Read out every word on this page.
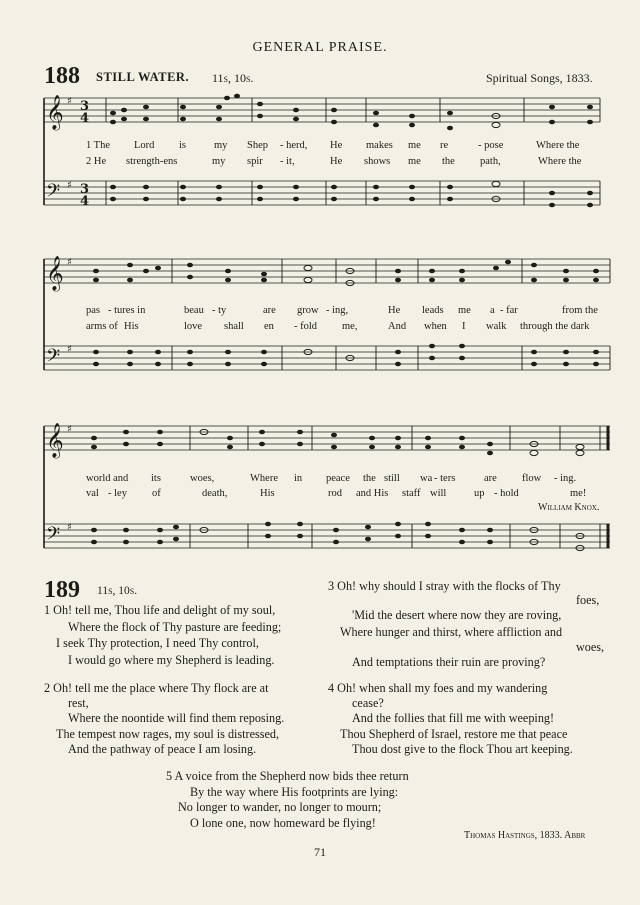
GENERAL PRAISE.
188 STILL WATER. 11s, 10s.	Spiritual Songs, 1833.
𝄞
𝄢
𝄞
𝄢
𝄞
𝄢
♯
♯
♯
♯
♯
♯
3
4
3
4
1 The Lord is	my Shep - herd, He makes me re	- pose	Where the
2 He strength-ens	my spir - it,	He shows me the path,	Where the
pas - tures in	beau - ty	are grow - ing,	He leads me a - far	from the
arms of His	love shall en - fold me,	And when I walk through the dark
world and its	woes,	Where in peace the still wa - ters	are flow - ing.
val - ley of	death,	His	rod and His staff will	up - hold	me!
William Knox.
189 11s, 10s.
1 Oh! tell me, Thou life and delight of my soul,
Where the flock of Thy pasture are feeding;
I seek Thy protection, I need Thy control,
I would go where my Shepherd is leading.
2 Oh! tell me the place where Thy flock are at
rest,
Where the noontide will find them reposing.
The tempest now rages, my soul is distressed,
And the pathway of peace I am losing.
3 Oh! why should I stray with the flocks of Thy
foes,
'Mid the desert where now they are roving,
Where hunger and thirst, where affliction and
woes,
And temptations their ruin are proving?
4 Oh! when shall my foes and my wandering
cease?
And the follies that fill me with weeping!
Thou Shepherd of Israel, restore me that peace
Thou dost give to the flock Thou art keeping.
5 A voice from the Shepherd now bids thee return
By the way where His footprints are lying:
No longer to wander, no longer to mourn;
O lone one, now homeward be flying!
Thomas Hastings, 1833. Abbr
71
